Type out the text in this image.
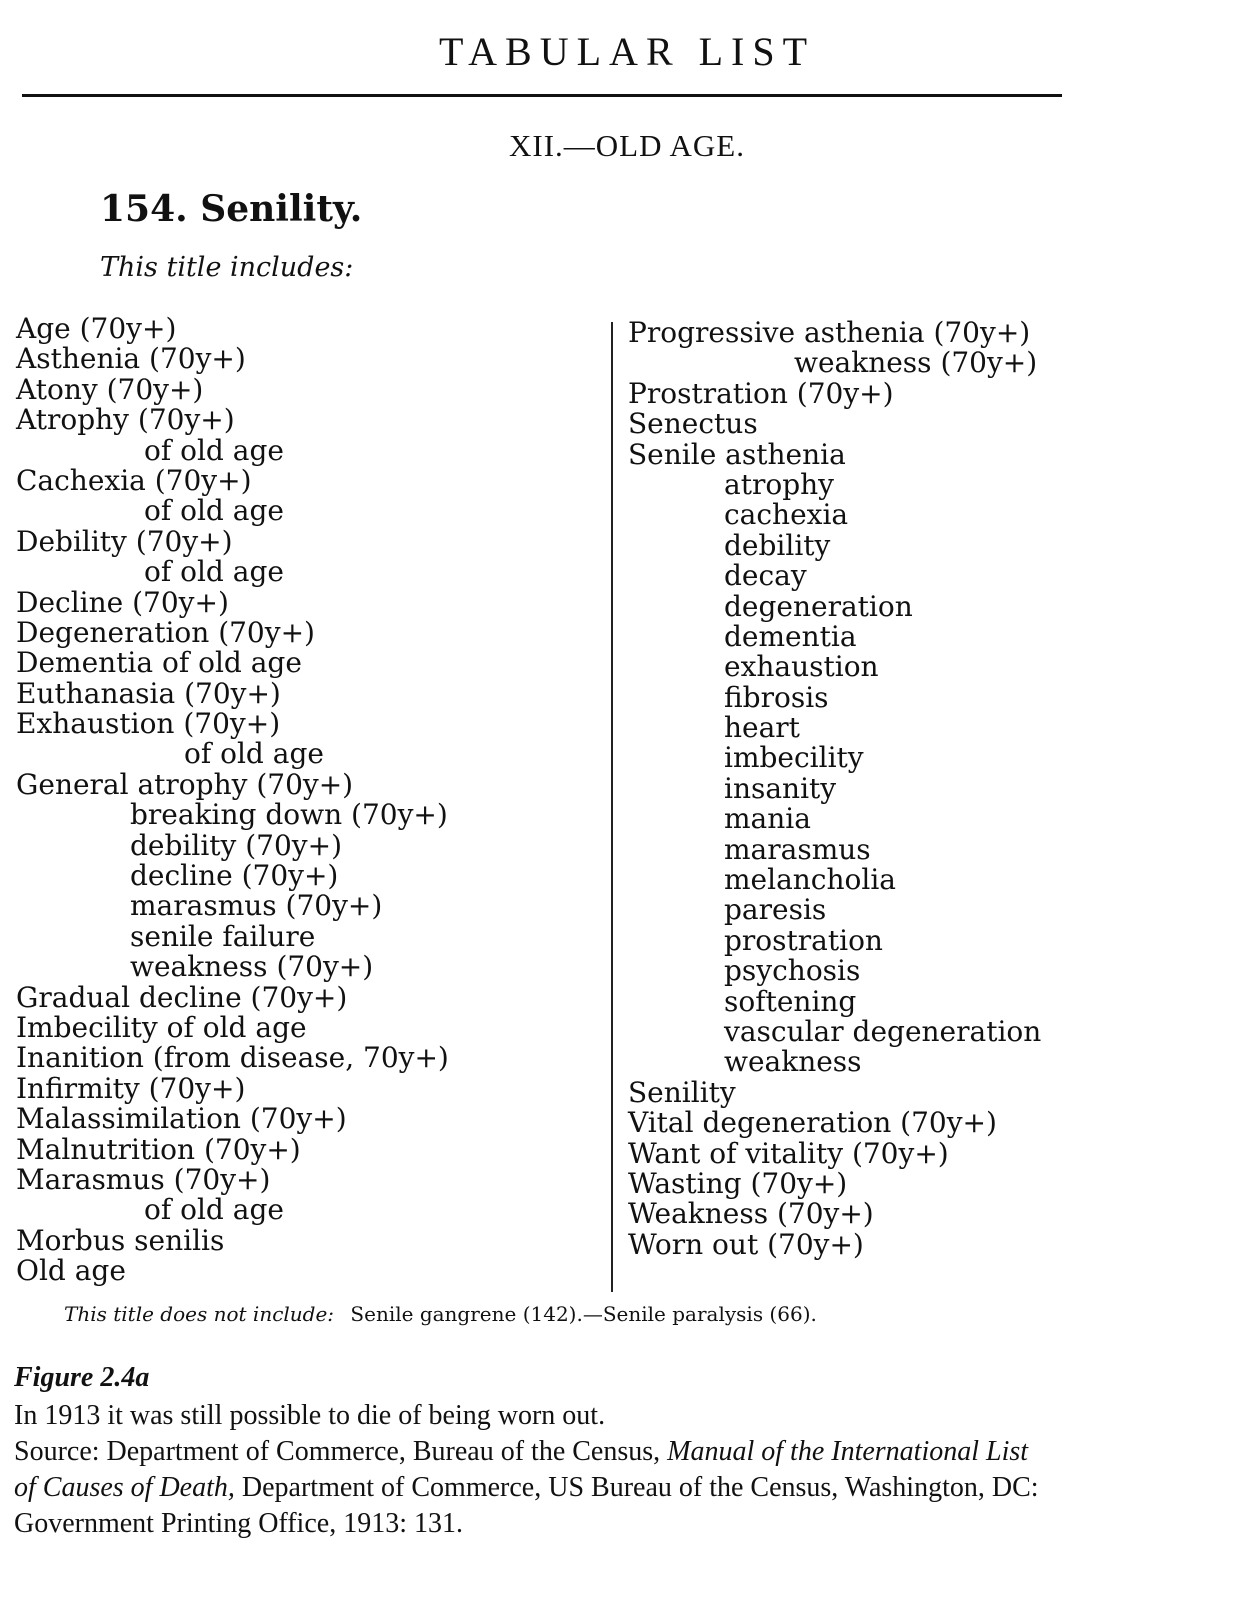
TABULAR LIST
XII.—OLD AGE.
154. Senility.
This title includes:
Age (70y+)
Asthenia (70y+)
Atony (70y+)
Atrophy (70y+)
of old age
Cachexia (70y+)
of old age
Debility (70y+)
of old age
Decline (70y+)
Degeneration (70y+)
Dementia of old age
Euthanasia (70y+)
Exhaustion (70y+)
of old age
General atrophy (70y+)
breaking down (70y+)
debility (70y+)
decline (70y+)
marasmus (70y+)
senile failure
weakness (70y+)
Gradual decline (70y+)
Imbecility of old age
Inanition (from disease, 70y+)
Infirmity (70y+)
Malassimilation (70y+)
Malnutrition (70y+)
Marasmus (70y+)
of old age
Morbus senilis
Old age
Progressive asthenia (70y+)
weakness (70y+)
Prostration (70y+)
Senectus
Senile asthenia
atrophy
cachexia
debility
decay
degeneration
dementia
exhaustion
fibrosis
heart
imbecility
insanity
mania
marasmus
melancholia
paresis
prostration
psychosis
softening
vascular degeneration
weakness
Senility
Vital degeneration (70y+)
Want of vitality (70y+)
Wasting (70y+)
Weakness (70y+)
Worn out (70y+)
This title does not include: Senile gangrene (142).—Senile paralysis (66).
Figure 2.4a
In 1913 it was still possible to die of being worn out.
Source: Department of Commerce, Bureau of the Census, Manual of the International List of Causes of Death, Department of Commerce, US Bureau of the Census, Washington, DC: Government Printing Office, 1913: 131.
